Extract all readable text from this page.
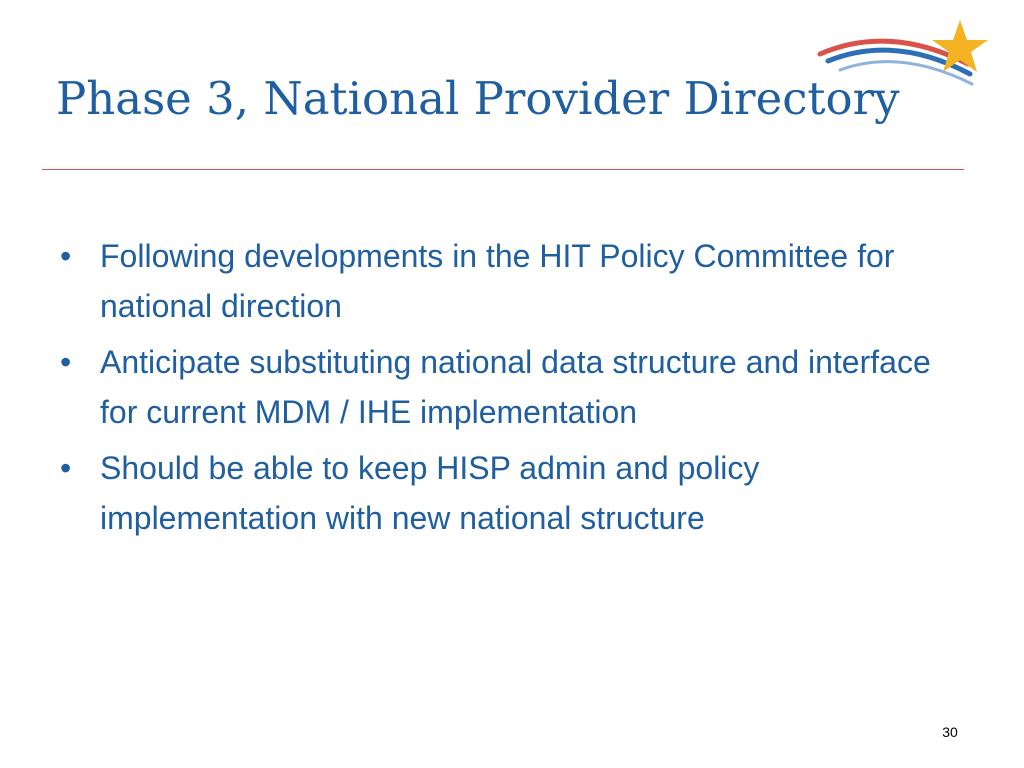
Phase 3, National Provider Directory
• Following developments in the HIT Policy Committee for national direction
• Anticipate substituting national data structure and interface for current MDM / IHE implementation
• Should be able to keep HISP admin and policy implementation with new national structure
30
